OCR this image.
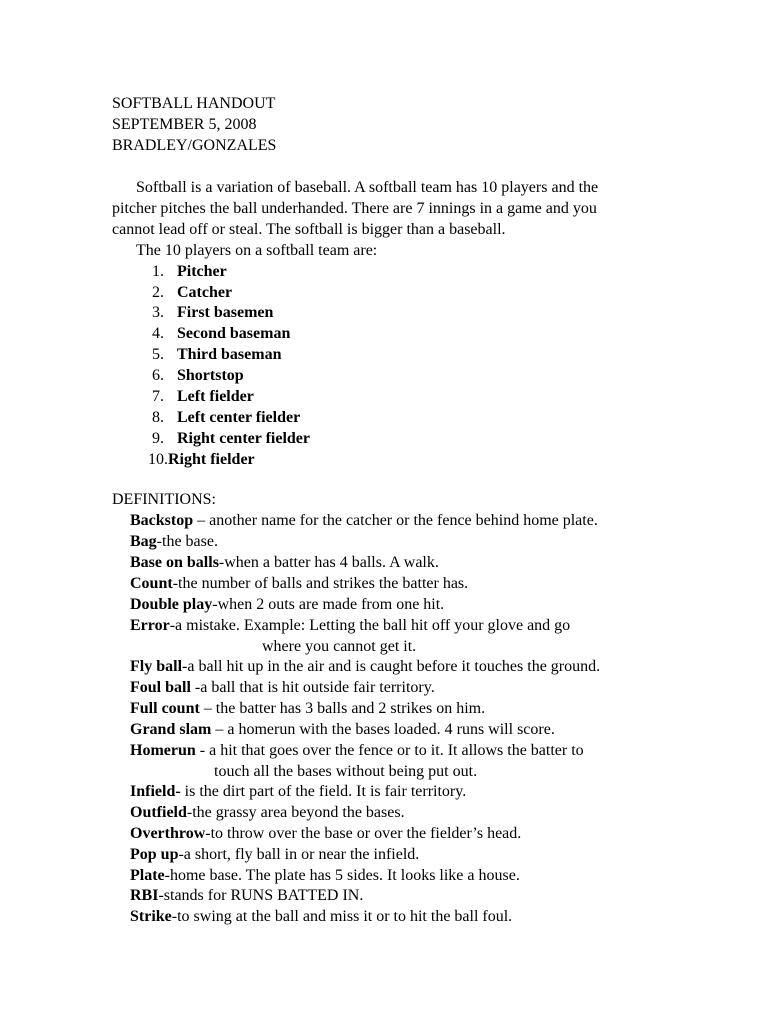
SOFTBALL HANDOUT
SEPTEMBER 5, 2008
BRADLEY/GONZALES
Softball is a variation of baseball. A softball team has 10 players and the
pitcher pitches the ball underhanded. There are 7 innings in a game and you
cannot lead off or steal. The softball is bigger than a baseball.
The 10 players on a softball team are:
1. Pitcher
2. Catcher
3. First basemen
4. Second baseman
5. Third baseman
6. Shortstop
7. Left fielder
8. Left center fielder
9. Right center fielder
10.Right fielder
DEFINITIONS:
Backstop – another name for the catcher or the fence behind home plate.
Bag-the base.
Base on balls-when a batter has 4 balls. A walk.
Count-the number of balls and strikes the batter has.
Double play-when 2 outs are made from one hit.
Error-a mistake. Example: Letting the ball hit off your glove and go
where you cannot get it.
Fly ball-a ball hit up in the air and is caught before it touches the ground.
Foul ball -a ball that is hit outside fair territory.
Full count – the batter has 3 balls and 2 strikes on him.
Grand slam – a homerun with the bases loaded. 4 runs will score.
Homerun - a hit that goes over the fence or to it. It allows the batter to
touch all the bases without being put out.
Infield- is the dirt part of the field. It is fair territory.
Outfield-the grassy area beyond the bases.
Overthrow-to throw over the base or over the fielder’s head.
Pop up-a short, fly ball in or near the infield.
Plate-home base. The plate has 5 sides. It looks like a house.
RBI-stands for RUNS BATTED IN.
Strike-to swing at the ball and miss it or to hit the ball foul.
